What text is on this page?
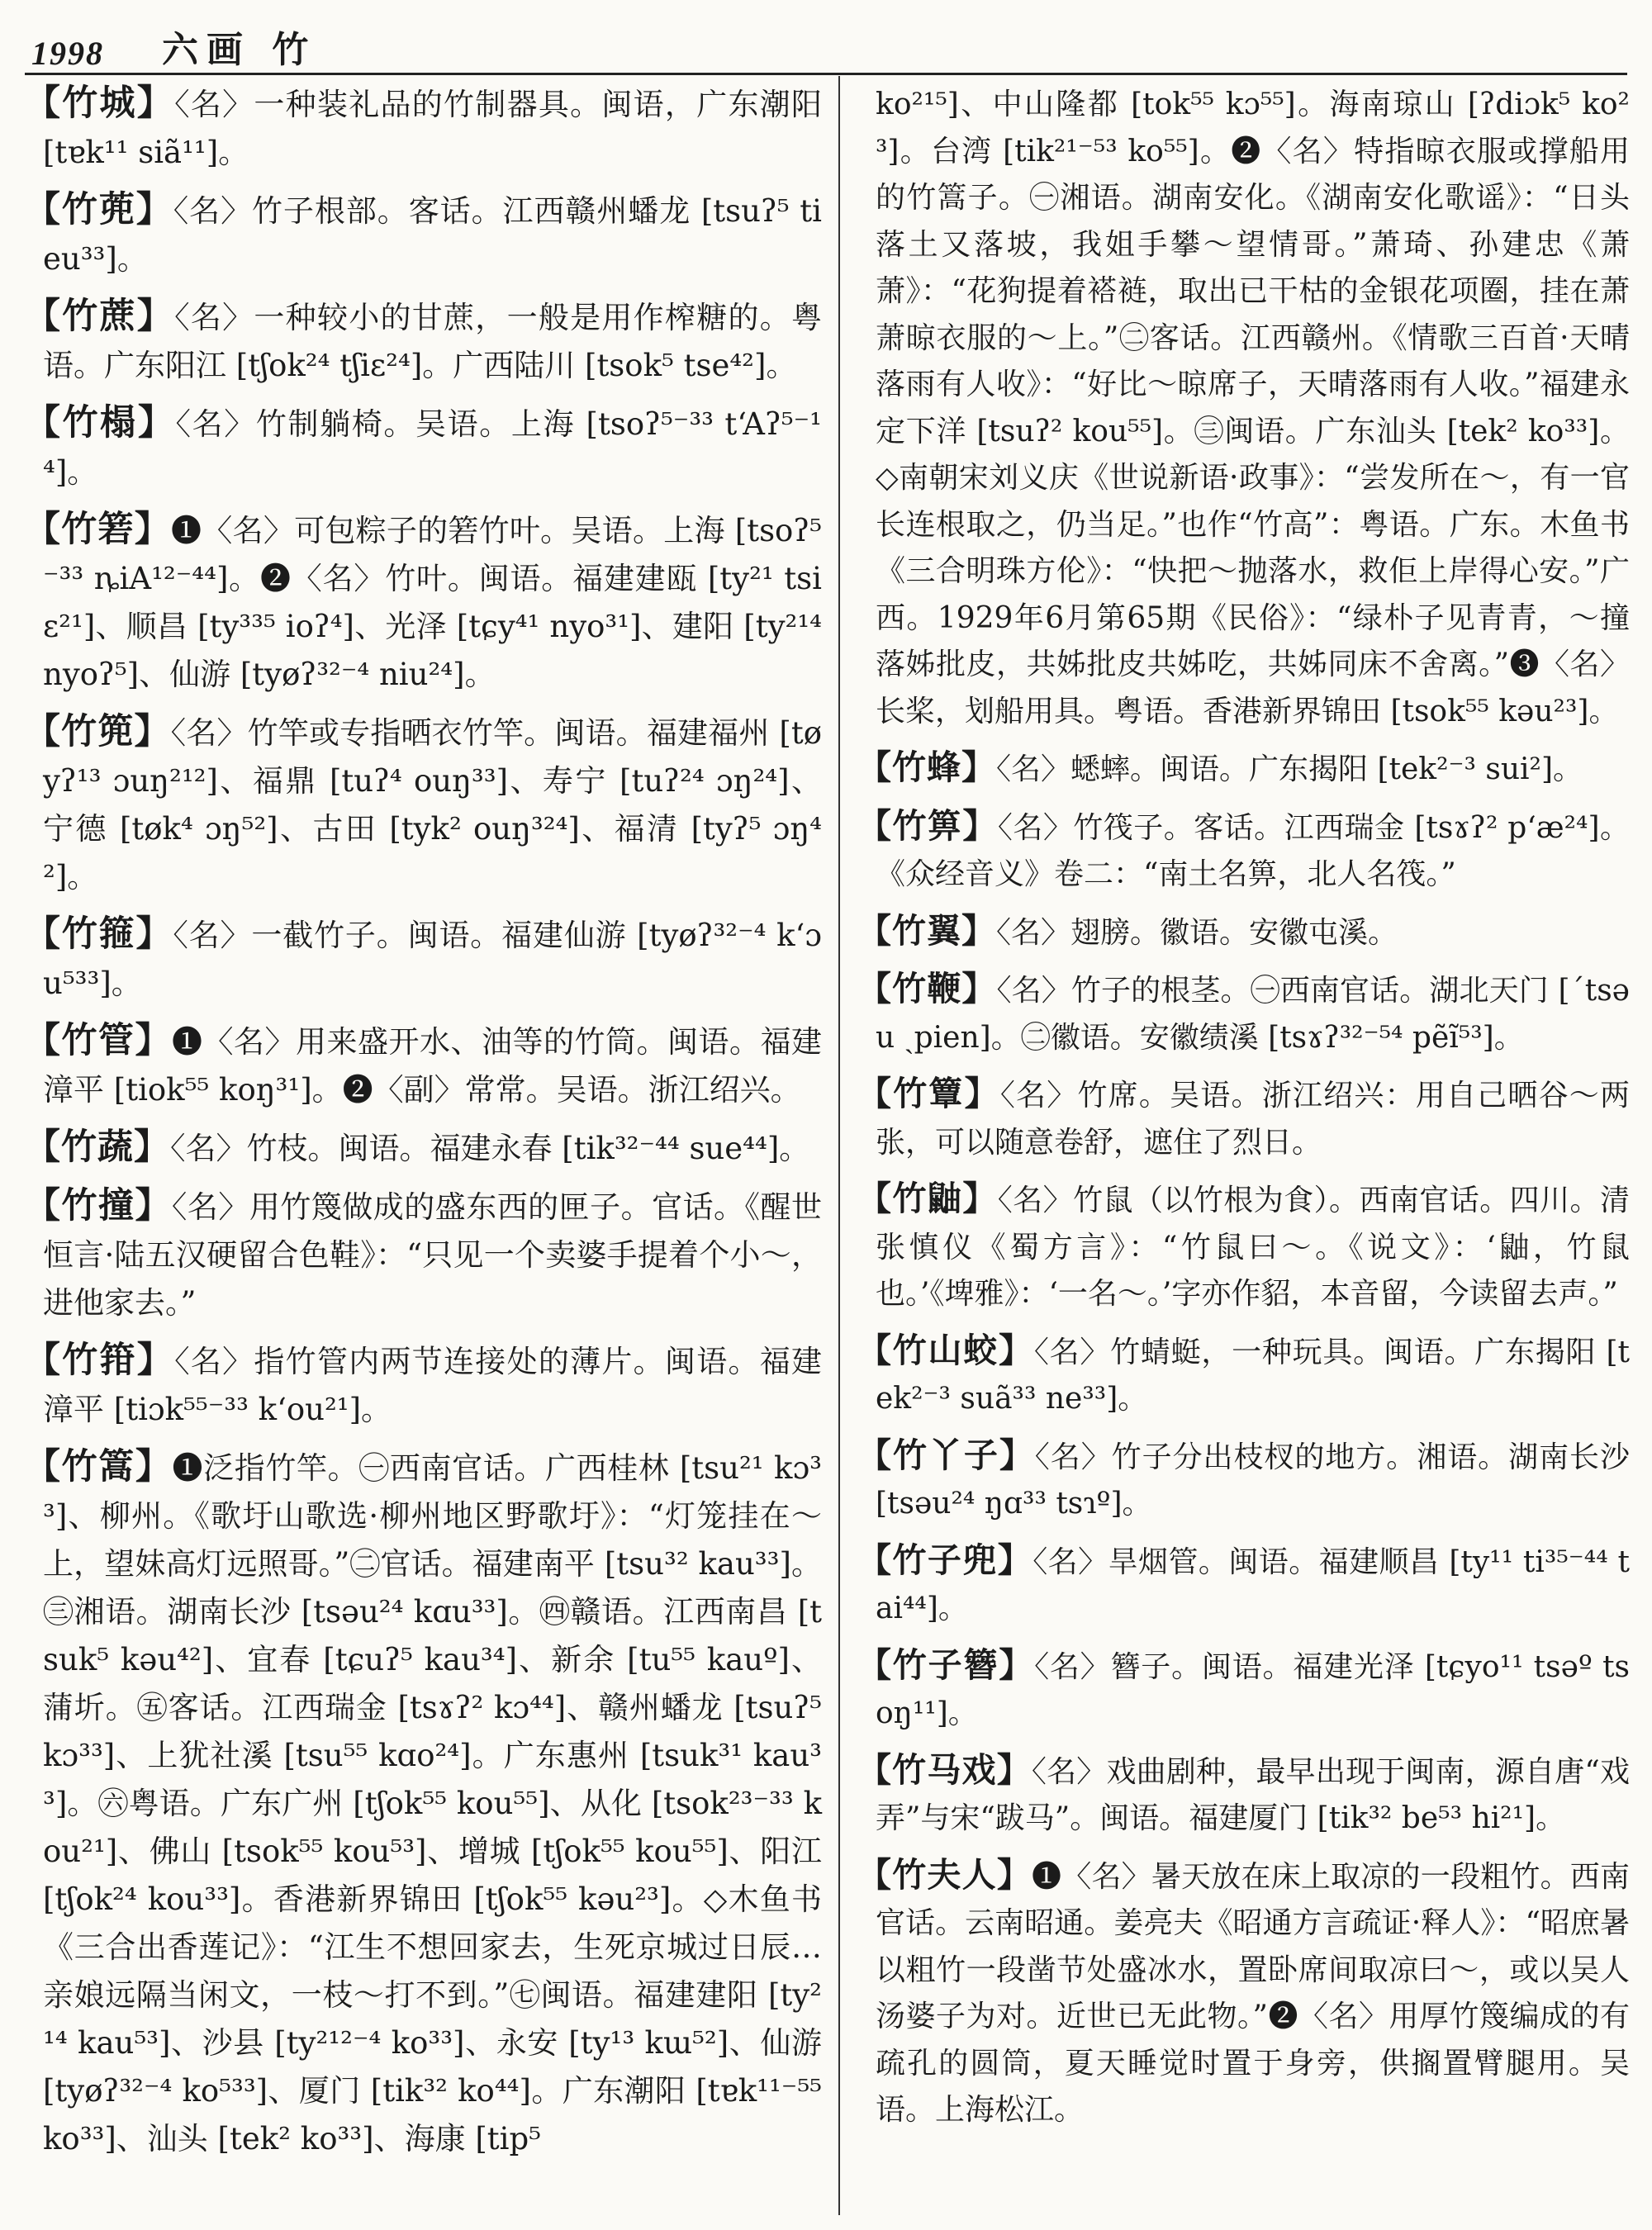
1998 六画 竹

【竹城】〈名〉一种装礼品的竹制器具。闽语，广东潮阳 [tɐk¹¹ siã¹¹]。

【竹蔸】〈名〉竹子根部。客话。江西赣州蟠龙 [tsuʔ⁵ tieu³³]。

【竹蔗】〈名〉一种较小的甘蔗，一般是用作榨糖的。粤语。广东阳江 [tʃok²⁴ tʃiɛ²⁴]。广西陆川 [tsok⁵ tse⁴²]。

【竹榻】〈名〉竹制躺椅。吴语。上海 [tsoʔ⁵⁻³³ tʻAʔ⁵⁻¹⁴]。

【竹箬】❶〈名〉可包粽子的箬竹叶。吴语。上海 [tsoʔ⁵⁻³³ ȵiA¹²⁻⁴⁴]。❷〈名〉竹叶。闽语。福建建瓯 [ty²¹ tsiɛ²¹]、顺昌 [ty³³⁵ ioʔ⁴]、光泽 [tɕy⁴¹ nyo³¹]、建阳 [ty²¹⁴ nyoʔ⁵]、仙游 [tyøʔ³²⁻⁴ niu²⁴]。

【竹篼】〈名〉竹竿或专指晒衣竹竿。闽语。福建福州 [tøyʔ¹³ ɔuŋ²¹²]、福鼎 [tuʔ⁴ ouŋ³³]、寿宁 [tuʔ²⁴ ɔŋ²⁴]、宁德 [tøk⁴ ɔŋ⁵²]、古田 [tyk² ouŋ³²⁴]、福清 [tyʔ⁵ ɔŋ⁴²]。

【竹箍】〈名〉一截竹子。闽语。福建仙游 [tyøʔ³²⁻⁴ kʻɔu⁵³³]。

【竹管】❶〈名〉用来盛开水、油等的竹筒。闽语。福建漳平 [tiok⁵⁵ koŋ³¹]。❷〈副〉常常。吴语。浙江绍兴。

【竹蔬】〈名〉竹枝。闽语。福建永春 [tik³²⁻⁴⁴ sue⁴⁴]。

【竹撞】〈名〉用竹篾做成的盛东西的匣子。官话。《醒世恒言·陆五汉硬留合色鞋》：“只见一个卖婆手提着个小～，进他家去。”

【竹箝】〈名〉指竹管内两节连接处的薄片。闽语。福建漳平 [tiɔk⁵⁵⁻³³ kʻou²¹]。

【竹篙】❶泛指竹竿。㊀西南官话。广西桂林 [tsu²¹ kɔ³³]、柳州。《歌圩山歌选·柳州地区野歌圩》：“灯笼挂在～上，望妹高灯远照哥。”㊁官话。福建南平 [tsu³² kau³³]。㊂湘语。湖南长沙 [tsəu²⁴ kɑu³³]。㊃赣语。江西南昌 [tsuk⁵ kəu⁴²]、宜春 [tɕuʔ⁵ kau³⁴]、新余 [tu⁵⁵ kauº]、蒲圻。㊄客话。江西瑞金 [tsɤʔ² kɔ⁴⁴]、赣州蟠龙 [tsuʔ⁵ kɔ³³]、上犹社溪 [tsu⁵⁵ kɑo²⁴]。广东惠州 [tsuk³¹ kau³³]。㊅粤语。广东广州 [tʃok⁵⁵ kou⁵⁵]、从化 [tsok²³⁻³³ kou²¹]、佛山 [tsok⁵⁵ kou⁵³]、增城 [tʃok⁵⁵ kou⁵⁵]、阳江 [tʃok²⁴ kou³³]。香港新界锦田 [tʃok⁵⁵ kəu²³]。◇木鱼书《三合出香莲记》：“江生不想回家去，生死京城过日辰…亲娘远隔当闲文，一枝～打不到。”㊆闽语。福建建阳 [ty²¹⁴ kau⁵³]、沙县 [ty²¹²⁻⁴ ko³³]、永安 [ty¹³ kɯ⁵²]、仙游 [tyøʔ³²⁻⁴ ko⁵³³]、厦门 [tik³² ko⁴⁴]。广东潮阳 [tɐk¹¹⁻⁵⁵ ko³³]、汕头 [tek² ko³³]、海康 [tip⁵

ko²¹⁵]、中山隆都 [tok⁵⁵ kɔ⁵⁵]。海南琼山 [ʔdiɔk⁵ ko²³]。台湾 [tik²¹⁻⁵³ ko⁵⁵]。❷〈名〉特指晾衣服或撑船用的竹篙子。㊀湘语。湖南安化。《湖南安化歌谣》：“日头落土又落坡，我姐手攀～望情哥。”萧琦、孙建忠《萧萧》：“花狗提着褡裢，取出已干枯的金银花项圈，挂在萧萧晾衣服的～上。”㊁客话。江西赣州。《情歌三百首·天晴落雨有人收》：“好比～晾席子，天晴落雨有人收。”福建永定下洋 [tsuʔ² kou⁵⁵]。㊂闽语。广东汕头 [tek² ko³³]。◇南朝宋刘义庆《世说新语·政事》：“尝发所在～，有一官长连根取之，仍当足。”也作“竹高”：粤语。广东。木鱼书《三合明珠方伦》：“快把～抛落水，救佢上岸得心安。”广西。1929年6月第65期《民俗》：“绿朴子见青青，～撞落姊批皮，共姊批皮共姊吃，共姊同床不舍离。”❸〈名〉长桨，划船用具。粤语。香港新界锦田 [tsok⁵⁵ kəu²³]。

【竹蜂】〈名〉蟋蟀。闽语。广东揭阳 [tek²⁻³ sui²]。

【竹箅】〈名〉竹筏子。客话。江西瑞金 [tsɤʔ² pʻæ²⁴]。《众经音义》卷二：“南土名箅，北人名筏。”

【竹翼】〈名〉翅膀。徽语。安徽屯溪。

【竹鞭】〈名〉竹子的根茎。㊀西南官话。湖北天门 [ˊtsəu ˏpien]。㊁徽语。安徽绩溪 [tsɤʔ³²⁻⁵⁴ pẽĩ⁵³]。

【竹簟】〈名〉竹席。吴语。浙江绍兴：用自己晒谷～两张，可以随意卷舒，遮住了烈日。

【竹鼬】〈名〉竹鼠（以竹根为食）。西南官话。四川。清张慎仪《蜀方言》：“竹鼠曰～。《说文》：‘鼬，竹鼠也。’《埤雅》：‘一名～。’字亦作貂，本音留，今读留去声。”

【竹山蛟】〈名〉竹蜻蜓，一种玩具。闽语。广东揭阳 [tek²⁻³ suã³³ ne³³]。

【竹丫子】〈名〉竹子分出枝杈的地方。湘语。湖南长沙 [tsəu²⁴ ŋɑ³³ tsɿº]。

【竹子兜】〈名〉旱烟管。闽语。福建顺昌 [ty¹¹ ti³⁵⁻⁴⁴ tai⁴⁴]。

【竹子簪】〈名〉簪子。闽语。福建光泽 [tɕyo¹¹ tsəº tsoŋ¹¹]。

【竹马戏】〈名〉戏曲剧种，最早出现于闽南，源自唐“戏弄”与宋“跋马”。闽语。福建厦门 [tik³² be⁵³ hi²¹]。

【竹夫人】❶〈名〉暑天放在床上取凉的一段粗竹。西南官话。云南昭通。姜亮夫《昭通方言疏证·释人》：“昭庶暑以粗竹一段凿节处盛冰水，置卧席间取凉曰～，或以吴人汤婆子为对。近世已无此物。”❷〈名〉用厚竹篾编成的有疏孔的圆筒，夏天睡觉时置于身旁，供搁置臂腿用。吴语。上海松江。
